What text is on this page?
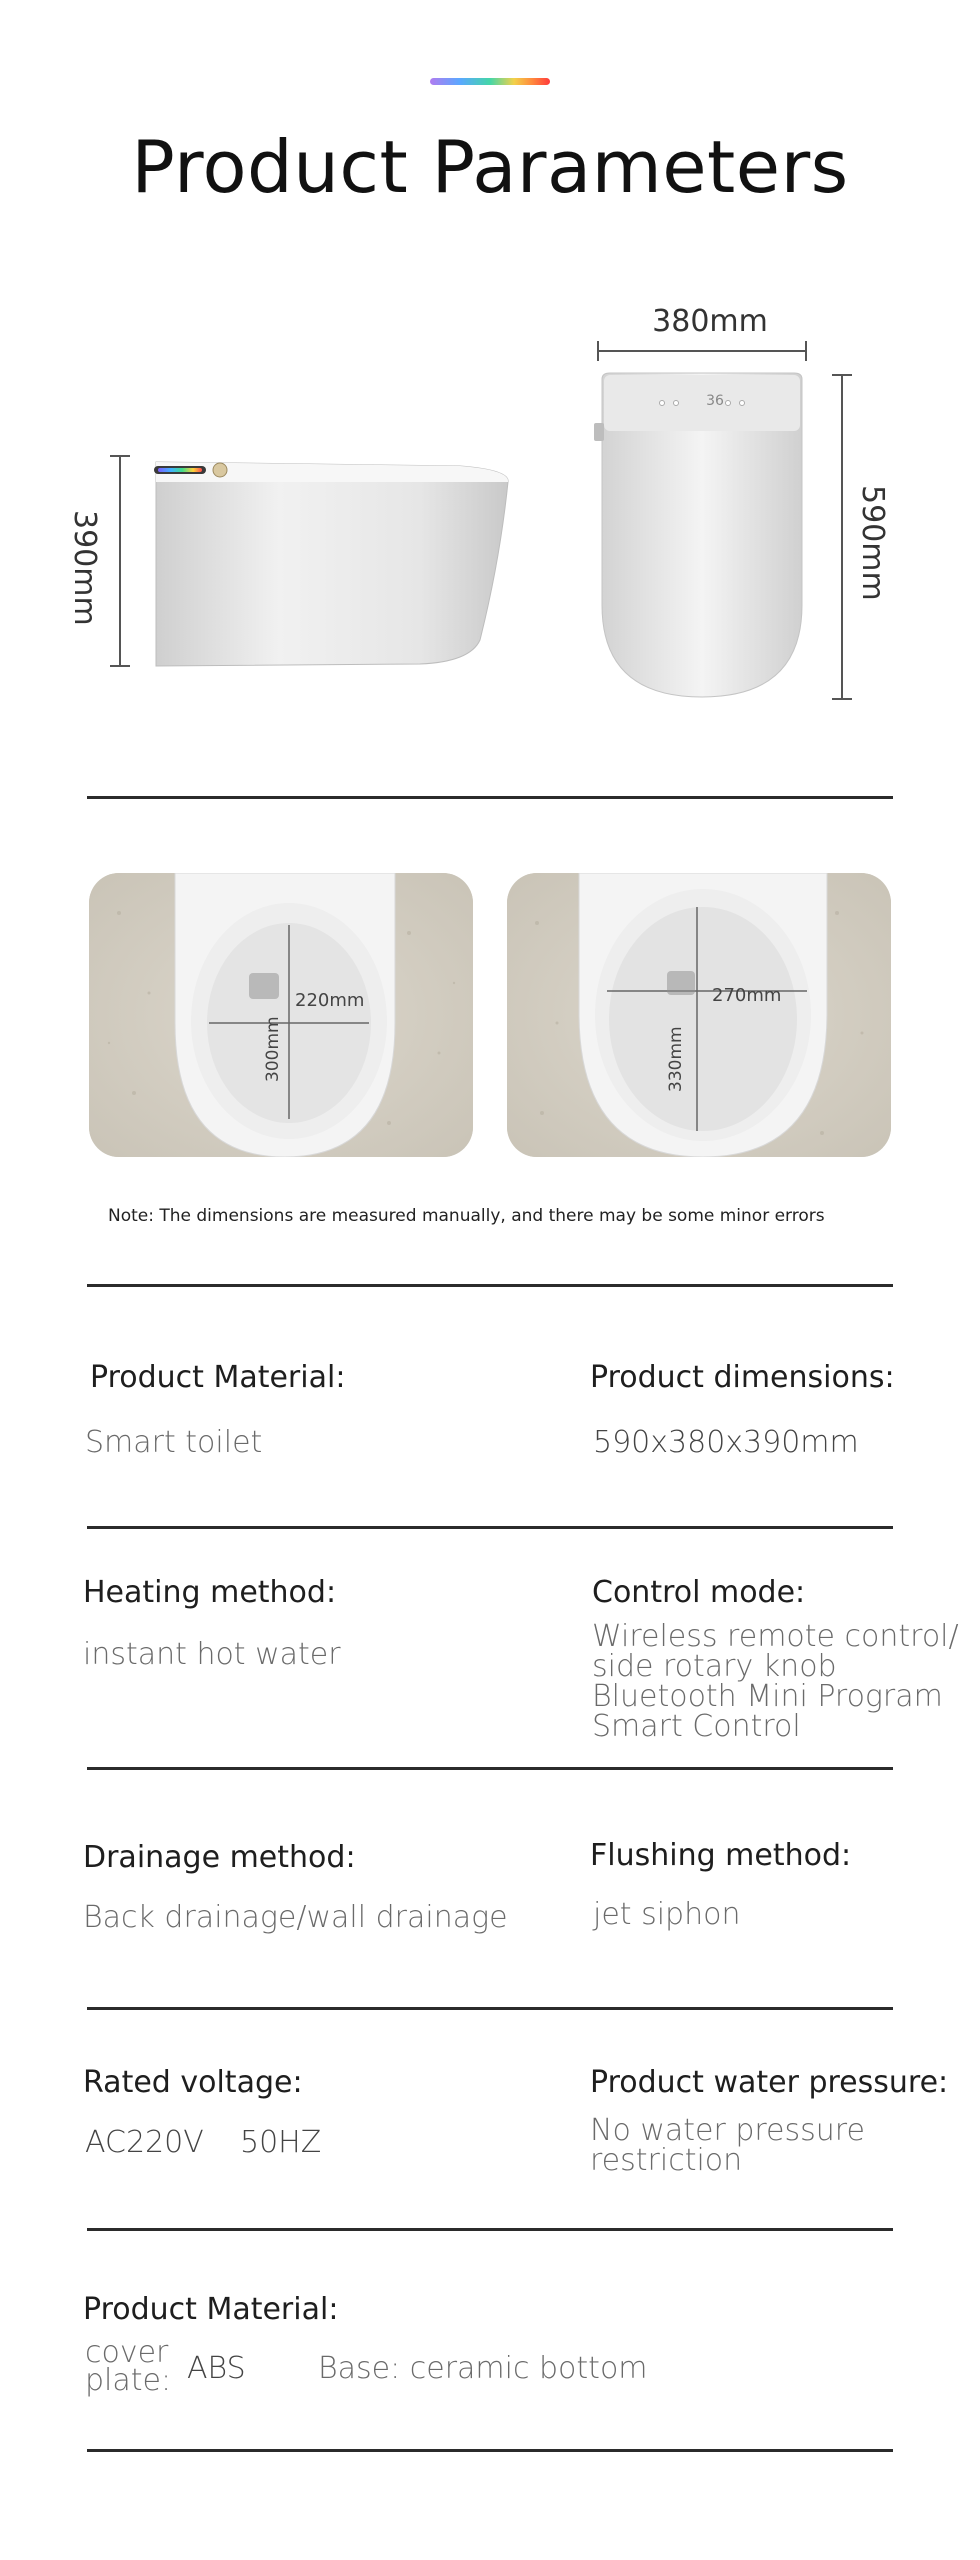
Product Parameters
390mm
380mm
36
590mm
220mm
300mm
270mm
330mm
Note: The dimensions are measured manually, and there may be some minor errors
Product Material:
Smart toilet
Product dimensions:
590x380x390mm
Heating method:
instant hot water
Control mode:
Wireless remote control/
side rotary knob
Bluetooth Mini Program
Smart Control
Drainage method:
Back drainage/wall drainage
Flushing method:
jet siphon
Rated voltage:
AC220V 50HZ
Product water pressure:
No water pressure
restriction
Product Material:
cover
plate: ABS Base: ceramic bottom
